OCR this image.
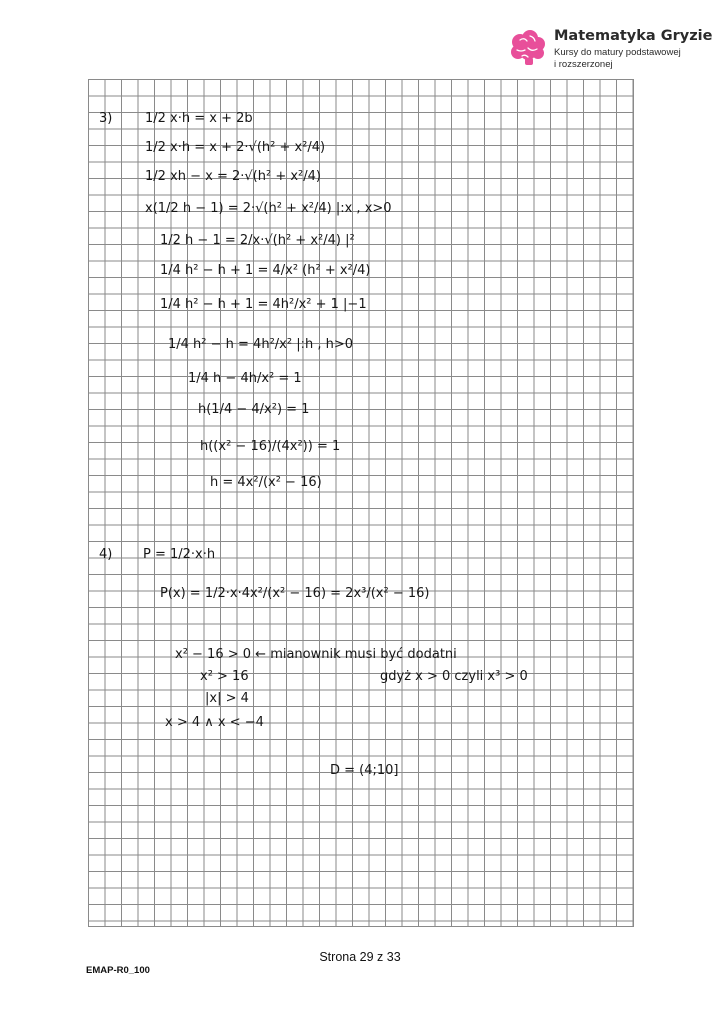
Matematyka Gryzie
Kursy do matury podstawowej
i rozszerzonej
3)	1/2 x·h = x + 2b
1/2 x·h = x + 2·√(h² + x²/4)
1/2 xh − x = 2·√(h² + x²/4)
x(1/2 h − 1) = 2·√(h² + x²/4) |:x , x>0
1/2 h − 1 = 2/x·√(h² + x²/4) |²
1/4 h² − h + 1 = 4/x² (h² + x²/4)
1/4 h² − h + 1 = 4h²/x² + 1 |−1
1/4 h² − h = 4h²/x² |:h , h>0
1/4 h − 4h/x² = 1
h(1/4 − 4/x²) = 1
h((x² − 16)/(4x²)) = 1
h = 4x²/(x² − 16)
4) P = 1/2·x·h
P(x) = 1/2·x·4x²/(x² − 16) = 2x³/(x² − 16)
x² − 16 > 0 ← mianownik musi być dodatni
gdyż x > 0 czyli x³ > 0
x² > 16
|x| > 4
x > 4 ∧ x < −4
D = (4;10]
Strona 29 z 33
EMAP-R0_100
